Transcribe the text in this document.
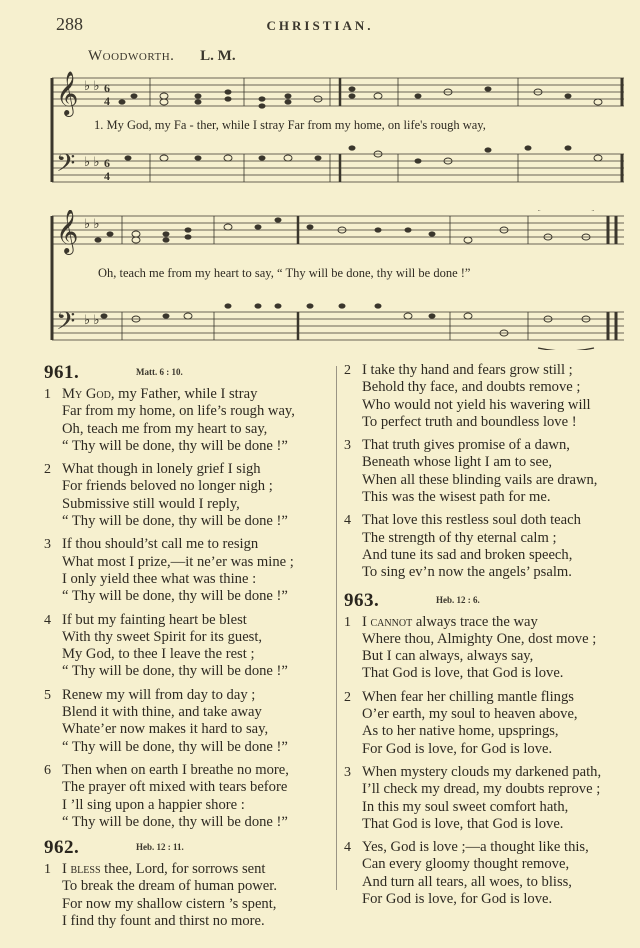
288	CHRISTIAN.
Woodworth. L. M.
𝄞
𝄢
♭ ♭
♭ ♭
6
4
6
4
1. My God, my Fa - ther, while I stray Far from my home, on life's rough way,
𝄞
𝄢
♭ ♭
♭ ♭
Oh, teach me from my heart to say, “ Thy will be done, thy will be done !”
961.	Matt. 6 : 10.
1 My God, my Father, while I stray
Far from my home, on life’s rough way,
Oh, teach me from my heart to say,
“ Thy will be done, thy will be done !”
2 What though in lonely grief I sigh
For friends beloved no longer nigh ;
Submissive still would I reply,
“ Thy will be done, thy will be done !”
3 If thou should’st call me to resign
What most I prize,—it ne’er was mine ;
I only yield thee what was thine :
“ Thy will be done, thy will be done !”
4 If but my fainting heart be blest
With thy sweet Spirit for its guest,
My God, to thee I leave the rest ;
“ Thy will be done, thy will be done !”
5 Renew my will from day to day ;
Blend it with thine, and take away
Whate’er now makes it hard to say,
“ Thy will be done, thy will be done !”
6 Then when on earth I breathe no more,
The prayer oft mixed with tears before
I ’ll sing upon a happier shore :
“ Thy will be done, thy will be done !”
962.	Heb. 12 : 11.
1 I bless thee, Lord, for sorrows sent
To break the dream of human power.
For now my shallow cistern ’s spent,
I find thy fount and thirst no more.
2 I take thy hand and fears grow still ;
Behold thy face, and doubts remove ;
Who would not yield his wavering will
To perfect truth and boundless love !
3 That truth gives promise of a dawn,
Beneath whose light I am to see,
When all these blinding vails are drawn,
This was the wisest path for me.
4 That love this restless soul doth teach
The strength of thy eternal calm ;
And tune its sad and broken speech,
To sing ev’n now the angels’ psalm.
963.	Heb. 12 : 6.
1 I cannot always trace the way
Where thou, Almighty One, dost move ;
But I can always, always say,
That God is love, that God is love.
2 When fear her chilling mantle flings
O’er earth, my soul to heaven above,
As to her native home, upsprings,
For God is love, for God is love.
3 When mystery clouds my darkened path,
I’ll check my dread, my doubts reprove ;
In this my soul sweet comfort hath,
That God is love, that God is love.
4 Yes, God is love ;—a thought like this,
Can every gloomy thought remove,
And turn all tears, all woes, to bliss,
For God is love, for God is love.
